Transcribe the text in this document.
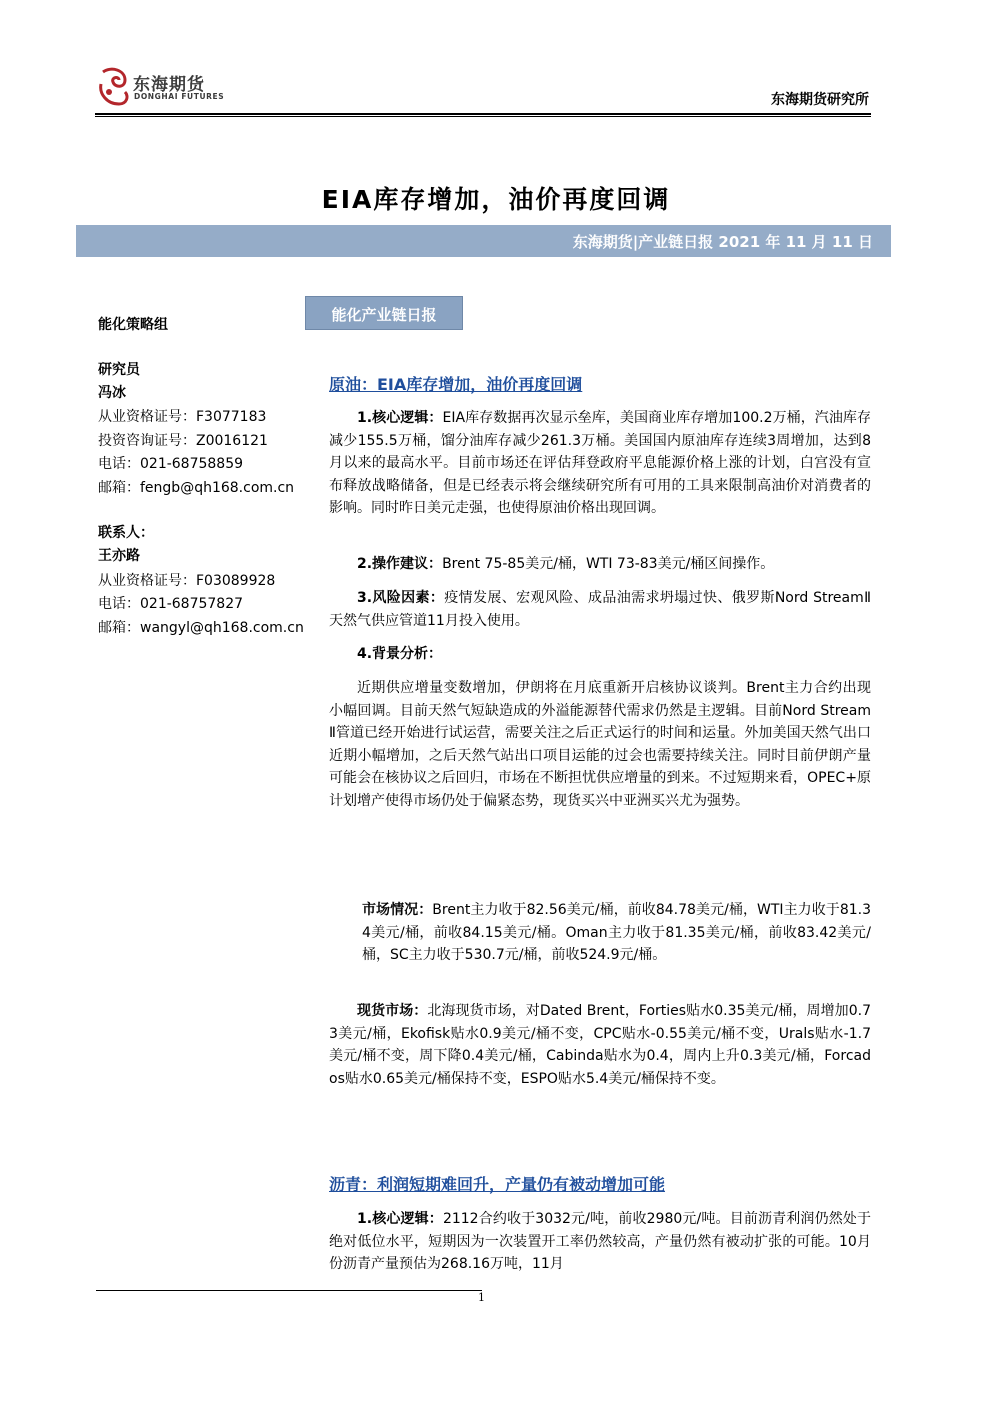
东海期货
DONGHAI FUTURES	东海期货研究所
EIA库存增加，油价再度回调
东海期货|产业链日报 2021 年 11 月 11 日
能化产业链日报
能化策略组
研究员
冯冰
从业资格证号：F3077183
投资咨询证号：Z0016121
电话：021-68758859
邮箱：fengb@qh168.com.cn
联系人：
王亦路
从业资格证号：F03089928
电话：021-68757827
邮箱：wangyl@qh168.com.cn
原油：EIA库存增加，油价再度回调
1.核心逻辑：EIA库存数据再次显示垒库，美国商业库存增加100.2万桶，汽油库存减少155.5万桶，馏分油库存减少261.3万桶。美国国内原油库存连续3周增加，达到8月以来的最高水平。目前市场还在评估拜登政府平息能源价格上涨的计划，白宫没有宣布释放战略储备，但是已经表示将会继续研究所有可用的工具来限制高油价对消费者的影响。同时昨日美元走强，也使得原油价格出现回调。
2.操作建议：Brent 75-85美元/桶，WTI 73-83美元/桶区间操作。
3.风险因素：疫情发展、宏观风险、成品油需求坍塌过快、俄罗斯Nord StreamⅡ天然气供应管道11月投入使用。
4.背景分析：
近期供应增量变数增加，伊朗将在月底重新开启核协议谈判。Brent主力合约出现小幅回调。目前天然气短缺造成的外溢能源替代需求仍然是主逻辑。目前Nord StreamⅡ管道已经开始进行试运营，需要关注之后正式运行的时间和运量。外加美国天然气出口近期小幅增加，之后天然气站出口项目运能的过会也需要持续关注。同时目前伊朗产量可能会在核协议之后回归，市场在不断担忧供应增量的到来。不过短期来看，OPEC+原计划增产使得市场仍处于偏紧态势，现货买兴中亚洲买兴尤为强势。
市场情况：Brent主力收于82.56美元/桶，前收84.78美元/桶，WTI主力收于81.34美元/桶，前收84.15美元/桶。Oman主力收于81.35美元/桶，前收83.42美元/桶，SC主力收于530.7元/桶，前收524.9元/桶。
现货市场：北海现货市场，对Dated Brent，Forties贴水0.35美元/桶，周增加0.73美元/桶，Ekofisk贴水0.9美元/桶不变，CPC贴水-0.55美元/桶不变，Urals贴水-1.7美元/桶不变，周下降0.4美元/桶，Cabinda贴水为0.4，周内上升0.3美元/桶，Forcados贴水0.65美元/桶保持不变，ESPO贴水5.4美元/桶保持不变。
沥青：利润短期难回升，产量仍有被动增加可能
1.核心逻辑：2112合约收于3032元/吨，前收2980元/吨。目前沥青利润仍然处于绝对低位水平，短期因为一次装置开工率仍然较高，产量仍然有被动扩张的可能。10月份沥青产量预估为268.16万吨，11月
1
